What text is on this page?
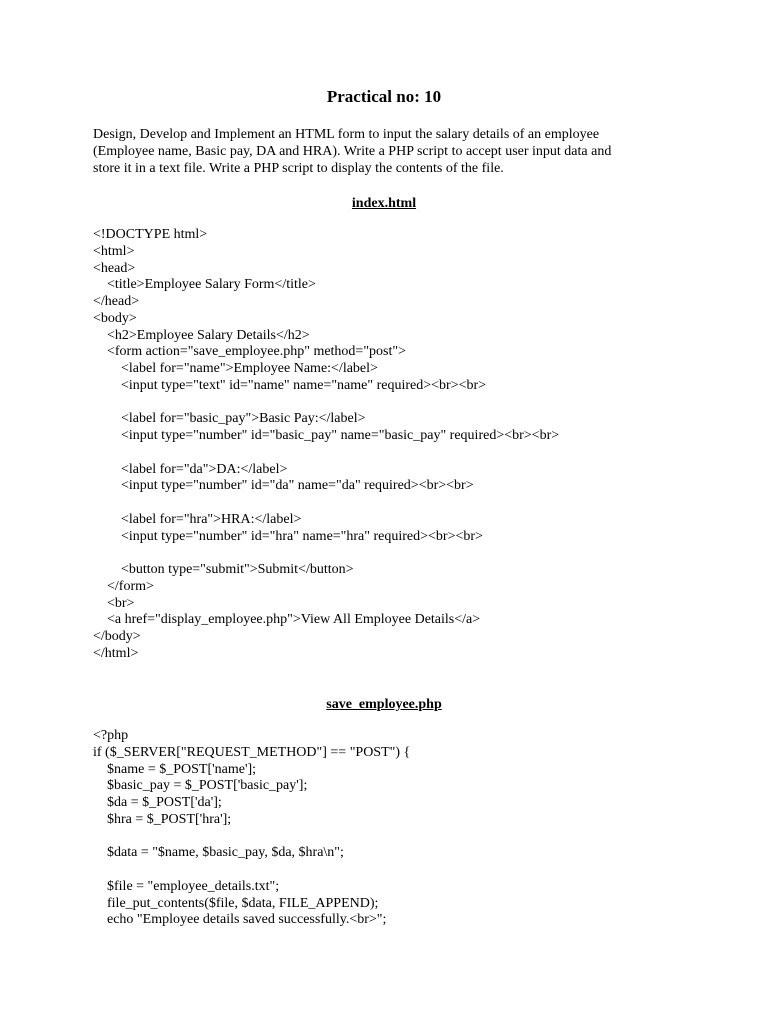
Practical no: 10
Design, Develop and Implement an HTML form to input the salary details of an employee
(Employee name, Basic pay, DA and HRA). Write a PHP script to accept user input data and
store it in a text file. Write a PHP script to display the contents of the file.
index.html
<!DOCTYPE html>
<html>
<head>
<title>Employee Salary Form</title>
</head>
<body>
<h2>Employee Salary Details</h2>
<form action="save_employee.php" method="post">
<label for="name">Employee Name:</label>
<input type="text" id="name" name="name" required><br><br>
<label for="basic_pay">Basic Pay:</label>
<input type="number" id="basic_pay" name="basic_pay" required><br><br>
<label for="da">DA:</label>
<input type="number" id="da" name="da" required><br><br>
<label for="hra">HRA:</label>
<input type="number" id="hra" name="hra" required><br><br>
<button type="submit">Submit</button>
</form>
<br>
<a href="display_employee.php">View All Employee Details</a>
</body>
</html>
save_employee.php
<?php
if ($_SERVER["REQUEST_METHOD"] == "POST") {
$name = $_POST['name'];
$basic_pay = $_POST['basic_pay'];
$da = $_POST['da'];
$hra = $_POST['hra'];
$data = "$name, $basic_pay, $da, $hra\n";
$file = "employee_details.txt";
file_put_contents($file, $data, FILE_APPEND);
echo "Employee details saved successfully.<br>";
